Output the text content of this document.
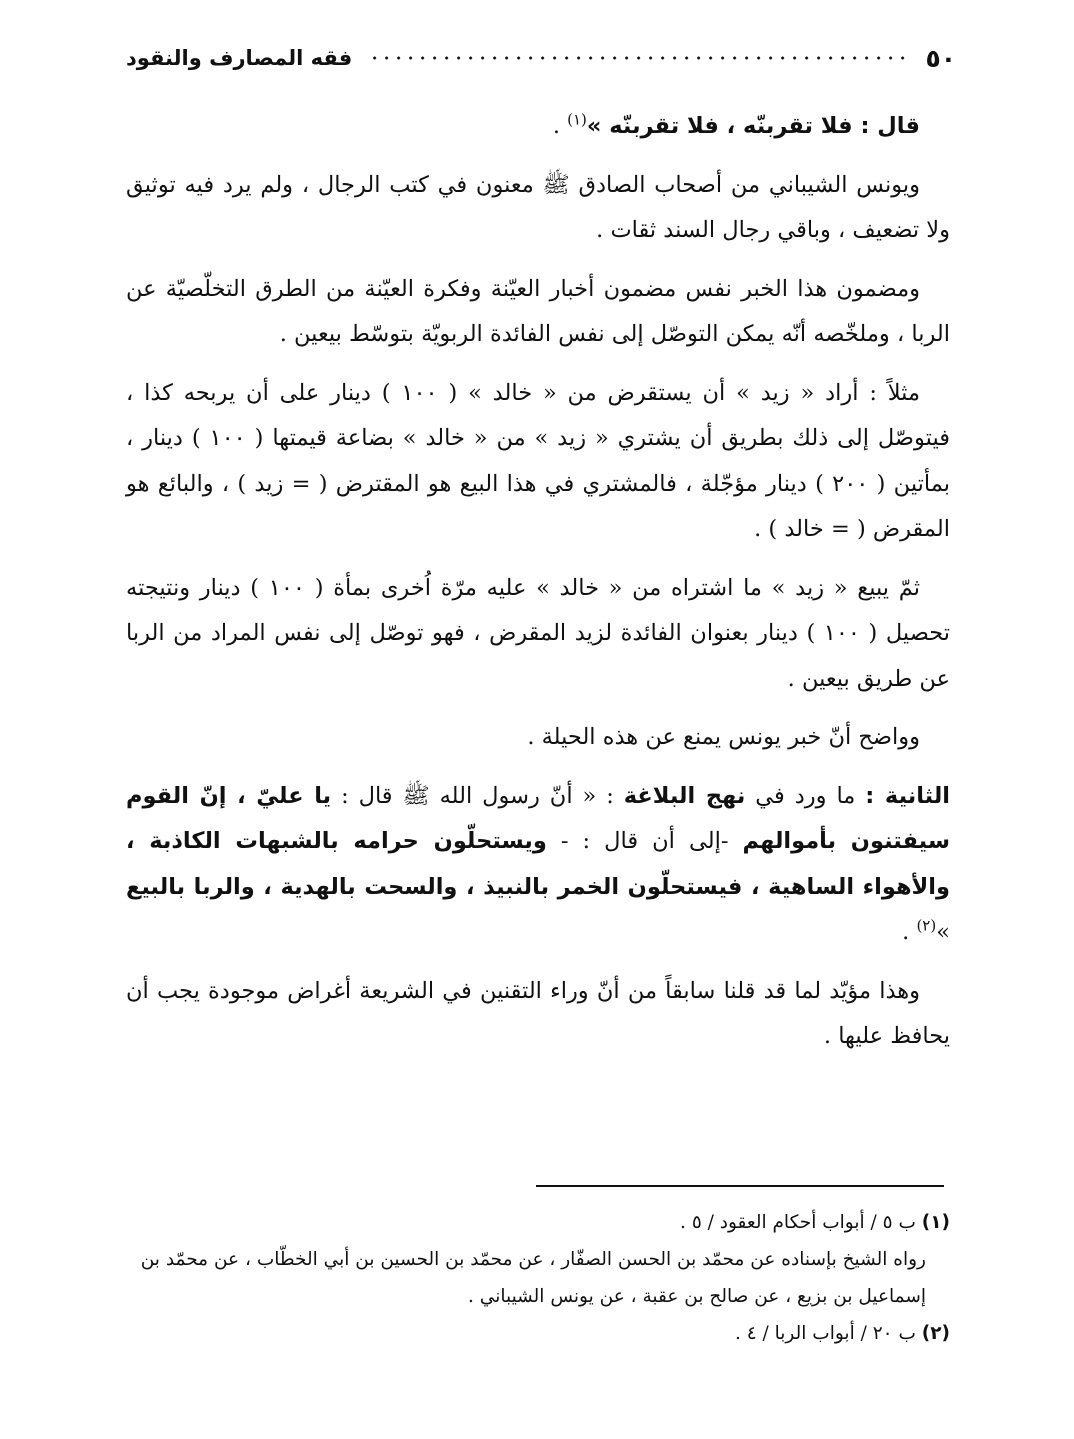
٥٠
فقه المصارف والنقود

قال : فلا تقربنّه ، فلا تقربنّه »$^{(١)}$ .

ويونس الشيباني من أصحاب الصادق ﷺ معنون في كتب الرجال ، ولم يرد فيه توثيق ولا تضعيف ، وباقي رجال السند ثقات .

ومضمون هذا الخبر نفس مضمون أخبار العيّنة وفكرة العيّنة من الطرق التخلّصيّة عن الربا ، وملخّصه أنّه يمكن التوصّل إلى نفس الفائدة الربويّة بتوسّط بيعين .

مثلاً : أراد « زيد » أن يستقرض من « خالد » ( ١٠٠ ) دينار على أن يربحه كذا ، فيتوصّل إلى ذلك بطريق أن يشتري « زيد » من « خالد » بضاعة قيمتها ( ١٠٠ ) دينار ، بمأتين ( ٢٠٠ ) دينار مؤجّلة ، فالمشتري في هذا البيع هو المقترض ( = زيد ) ، والبائع هو المقرض ( = خالد ) .

ثمّ يبيع « زيد » ما اشتراه من « خالد » عليه مرّة اُخرى بمأة ( ١٠٠ ) دينار ونتيجته تحصيل ( ١٠٠ ) دينار بعنوان الفائدة لزيد المقرض ، فهو توصّل إلى نفس المراد من الربا عن طريق بيعين .

وواضح أنّ خبر يونس يمنع عن هذه الحيلة .

الثانية : ما ورد في نهج البلاغة : « أنّ رسول الله ﷺ قال : يا عليّ ، إنّ القوم سيفتنون بأموالهم -إلى أن قال : - ويستحلّون حرامه بالشبهات الكاذبة ، والأهواء الساهية ، فيستحلّون الخمر بالنبيذ ، والسحت بالهدية ، والربا بالبيع »$^{(٢)}$ .

وهذا مؤيّد لما قد قلنا سابقاً من أنّ وراء التقنين في الشريعة أغراض موجودة يجب أن يحافظ عليها .

(١) ب ٥ / أبواب أحكام العقود / ٥ .

رواه الشيخ بإسناده عن محمّد بن الحسن الصفّار ، عن محمّد بن الحسين بن أبي الخطّاب ، عن محمّد بن إسماعيل بن بزيع ، عن صالح بن عقبة ، عن يونس الشيباني .

(٢) ب ٢٠ / أبواب الربا / ٤ .
